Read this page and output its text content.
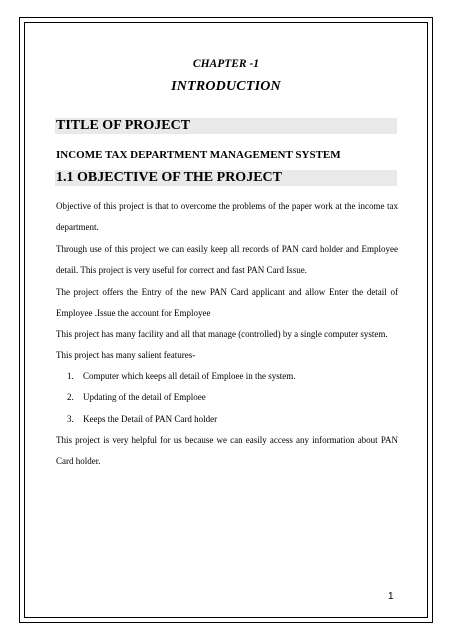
CHAPTER -1
INTRODUCTION
TITLE OF PROJECT
INCOME TAX DEPARTMENT MANAGEMENT SYSTEM
1.1 OBJECTIVE OF THE PROJECT

Objective of this project is that to overcome the problems of the paper work at the income tax department.

Through use of this project we can easily keep all records of PAN card holder and Employee detail. This project is very useful for correct and fast PAN Card Issue.

The project offers the Entry of the new PAN Card applicant and allow Enter the detail of Employee .Issue the account for Employee

This project has many facility and all that manage (controlled) by a single computer system.

This project has many salient features-

1. Computer which keeps all detail of Emploee in the system.
2. Updating of the detail of Emploee
3. Keeps the Detail of PAN Card holder

This project is very helpful for us because we can easily access any information about PAN Card holder.

1
